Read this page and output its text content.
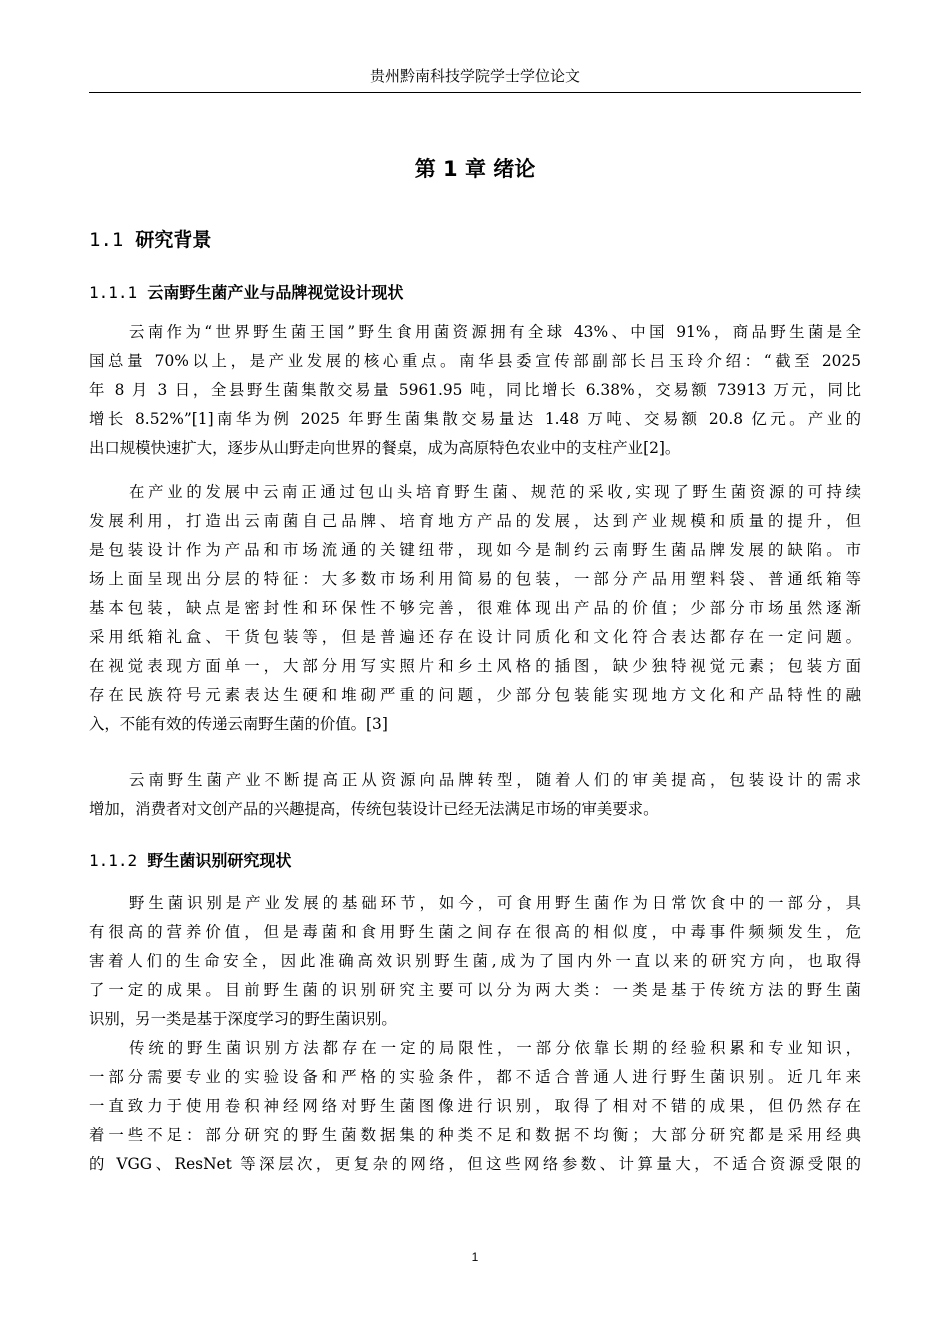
贵州黔南科技学院学士学位论文
第 1 章 绪论
1.1 研究背景
1.1.1 云南野生菌产业与品牌视觉设计现状
云南作为“世界野生菌王国”野生食用菌资源拥有全球 43%、中国 91%，商品野生菌是全
国总量 70%以上，是产业发展的核心重点。南华县委宣传部副部长吕玉玲介绍：“截至 2025
年 8 月 3 日，全县野生菌集散交易量 5961.95 吨，同比增长 6.38%，交易额 73913 万元，同比
增长 8.52%”[1]南华为例 2025 年野生菌集散交易量达 1.48 万吨、交易额 20.8 亿元。产业的
出口规模快速扩大，逐步从山野走向世界的餐桌，成为高原特色农业中的支柱产业[2]。
在产业的发展中云南正通过包山头培育野生菌、规范的采收,实现了野生菌资源的可持续
发展利用，打造出云南菌自己品牌、培育地方产品的发展，达到产业规模和质量的提升，但
是包装设计作为产品和市场流通的关键纽带，现如今是制约云南野生菌品牌发展的缺陷。市
场上面呈现出分层的特征：大多数市场利用简易的包装，一部分产品用塑料袋、普通纸箱等
基本包装，缺点是密封性和环保性不够完善，很难体现出产品的价值；少部分市场虽然逐渐
采用纸箱礼盒、干货包装等，但是普遍还存在设计同质化和文化符合表达都存在一定问题。
在视觉表现方面单一，大部分用写实照片和乡土风格的插图，缺少独特视觉元素；包装方面
存在民族符号元素表达生硬和堆砌严重的问题，少部分包装能实现地方文化和产品特性的融
入，不能有效的传递云南野生菌的价值。[3]
云南野生菌产业不断提高正从资源向品牌转型，随着人们的审美提高，包装设计的需求
增加，消费者对文创产品的兴趣提高，传统包装设计已经无法满足市场的审美要求。
1.1.2 野生菌识别研究现状
野生菌识别是产业发展的基础环节，如今，可食用野生菌作为日常饮食中的一部分，具
有很高的营养价值，但是毒菌和食用野生菌之间存在很高的相似度，中毒事件频频发生，危
害着人们的生命安全，因此准确高效识别野生菌,成为了国内外一直以来的研究方向，也取得
了一定的成果。目前野生菌的识别研究主要可以分为两大类：一类是基于传统方法的野生菌
识别，另一类是基于深度学习的野生菌识别。
传统的野生菌识别方法都存在一定的局限性，一部分依靠长期的经验积累和专业知识，
一部分需要专业的实验设备和严格的实验条件，都不适合普通人进行野生菌识别。近几年来
一直致力于使用卷积神经网络对野生菌图像进行识别，取得了相对不错的成果，但仍然存在
着一些不足：部分研究的野生菌数据集的种类不足和数据不均衡；大部分研究都是采用经典
的 VGG、ResNet 等深层次，更复杂的网络，但这些网络参数、计算量大，不适合资源受限的
1
